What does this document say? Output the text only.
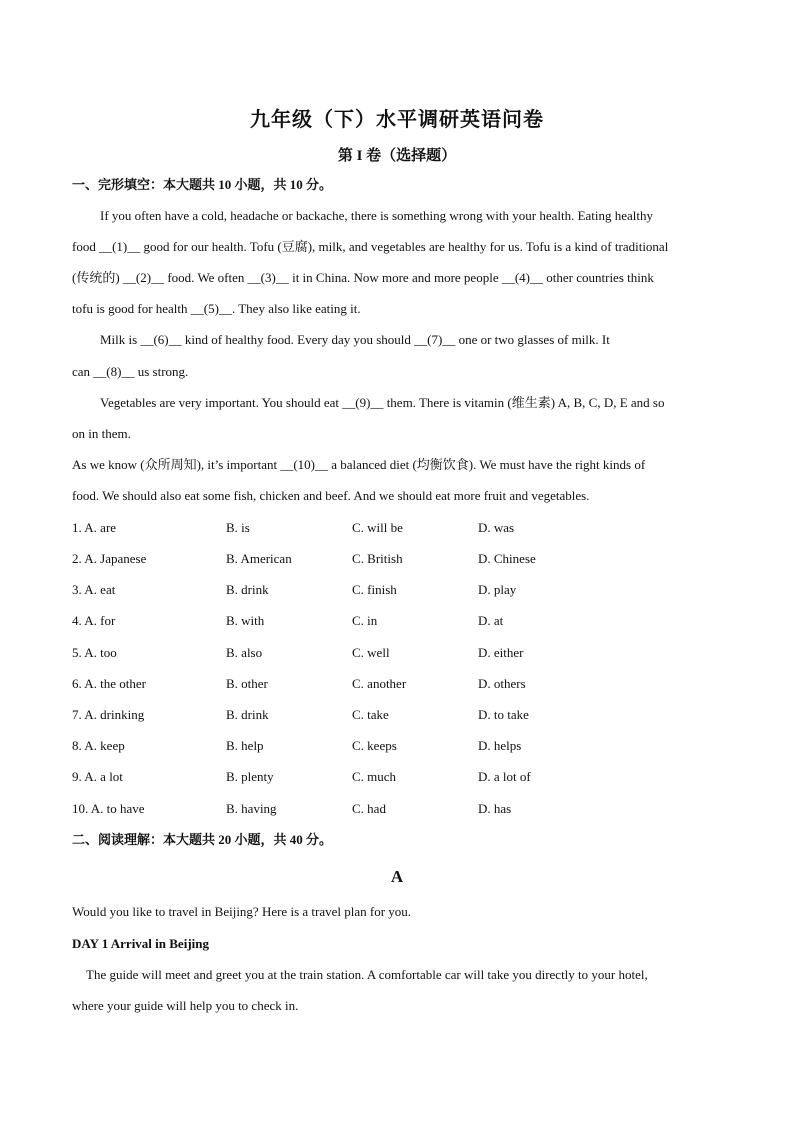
九年级（下）水平调研英语问卷
第 I 卷（选择题）
一、完形填空：本大题共 10 小题，共 10 分。
If you often have a cold, headache or backache, there is something wrong with your health. Eating healthy
food __(1)__ good for our health. Tofu (豆腐), milk, and vegetables are healthy for us. Tofu is a kind of traditional
(传统的) __(2)__ food. We often __(3)__ it in China. Now more and more people __(4)__ other countries think
tofu is good for health __(5)__. They also like eating it.
Milk is __(6)__ kind of healthy food. Every day you should __(7)__ one or two glasses of milk. It
can __(8)__ us strong.
Vegetables are very important. You should eat __(9)__ them. There is vitamin (维生素) A, B, C, D, E and so
on in them.
As we know (众所周知), it’s important __(10)__ a balanced diet (均衡饮食). We must have the right kinds of
food. We should also eat some fish, chicken and beef. And we should eat more fruit and vegetables.
1. A. are	B. is	C. will be	D. was
2. A. Japanese	B. American	C. British	D. Chinese
3. A. eat	B. drink	C. finish	D. play
4. A. for	B. with	C. in	D. at
5. A. too	B. also	C. well	D. either
6. A. the other	B. other	C. another	D. others
7. A. drinking	B. drink	C. take	D. to take
8. A. keep	B. help	C. keeps	D. helps
9. A. a lot	B. plenty	C. much	D. a lot of
10. A. to have	B. having	C. had	D. has
二、阅读理解：本大题共 20 小题，共 40 分。
A
Would you like to travel in Beijing? Here is a travel plan for you.
DAY 1 Arrival in Beijing
The guide will meet and greet you at the train station. A comfortable car will take you directly to your hotel,
where your guide will help you to check in.
